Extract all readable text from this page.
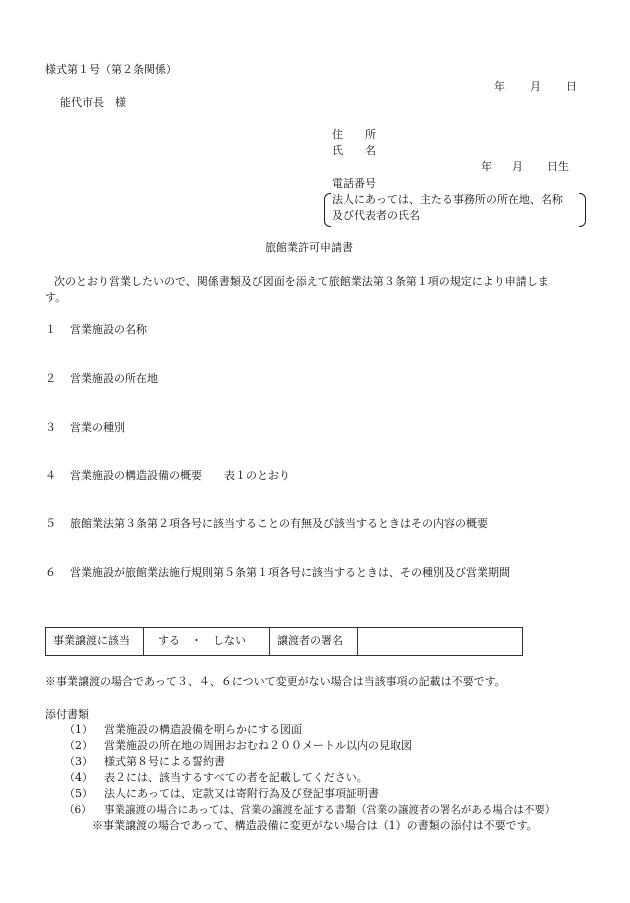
様式第１号（第２条関係）
年 月 日
能代市長　様
住　　所
氏　　名
年 月 日生
電話番号
法人にあっては、主たる事務所の所在地、名称
及び代表者の氏名
旅館業許可申請書
次のとおり営業したいので、関係書類及び図面を添えて旅館業法第３条第１項の規定により申請しま
す。
１ 営業施設の名称
２ 営業施設の所在地
３ 営業の種別
４ 営業施設の構造設備の概要　　表１のとおり
５ 旅館業法第３条第２項各号に該当することの有無及び該当するときはその内容の概要
６ 営業施設が旅館業法施行規則第５条第１項各号に該当するときは、その種別及び営業期間
事業譲渡に該当	する　・　しない	譲渡者の署名
※事業譲渡の場合であって３、４、６について変更がない場合は当該事項の記載は不要です。
添付書類
（1） 営業施設の構造設備を明らかにする図面
（2） 営業施設の所在地の周囲おおむね２００メートル以内の見取図
（3） 様式第８号による誓約書
（4） 表２には、該当するすべての者を記載してください。
（5） 法人にあっては、定款又は寄附行為及び登記事項証明書
（6） 事業譲渡の場合にあっては、営業の譲渡を証する書類（営業の譲渡者の署名がある場合は不要）
※事業譲渡の場合であって、構造設備に変更がない場合は（1）の書類の添付は不要です。
